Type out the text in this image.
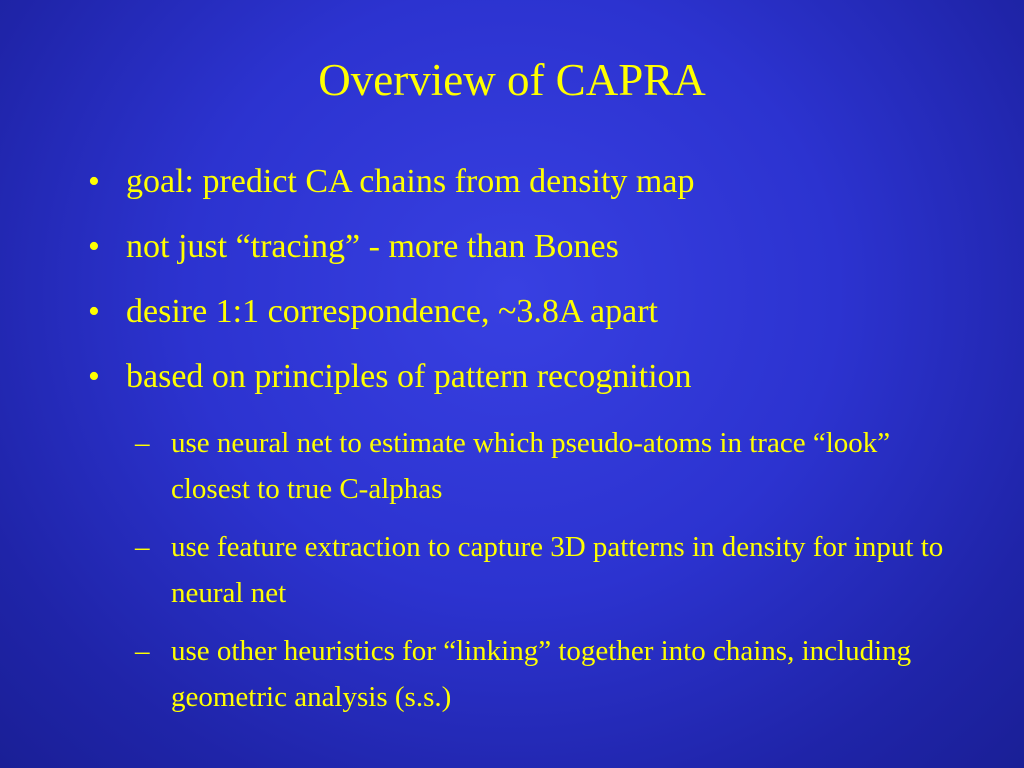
Overview of CAPRA
• goal: predict CA chains from density map
• not just “tracing” - more than Bones
• desire 1:1 correspondence, ~3.8A apart
• based on principles of pattern recognition
– use neural net to estimate which pseudo-atoms in trace “look” closest to true C-alphas
– use feature extraction to capture 3D patterns in density for input to neural net
– use other heuristics for “linking” together into chains, including geometric analysis (s.s.)
